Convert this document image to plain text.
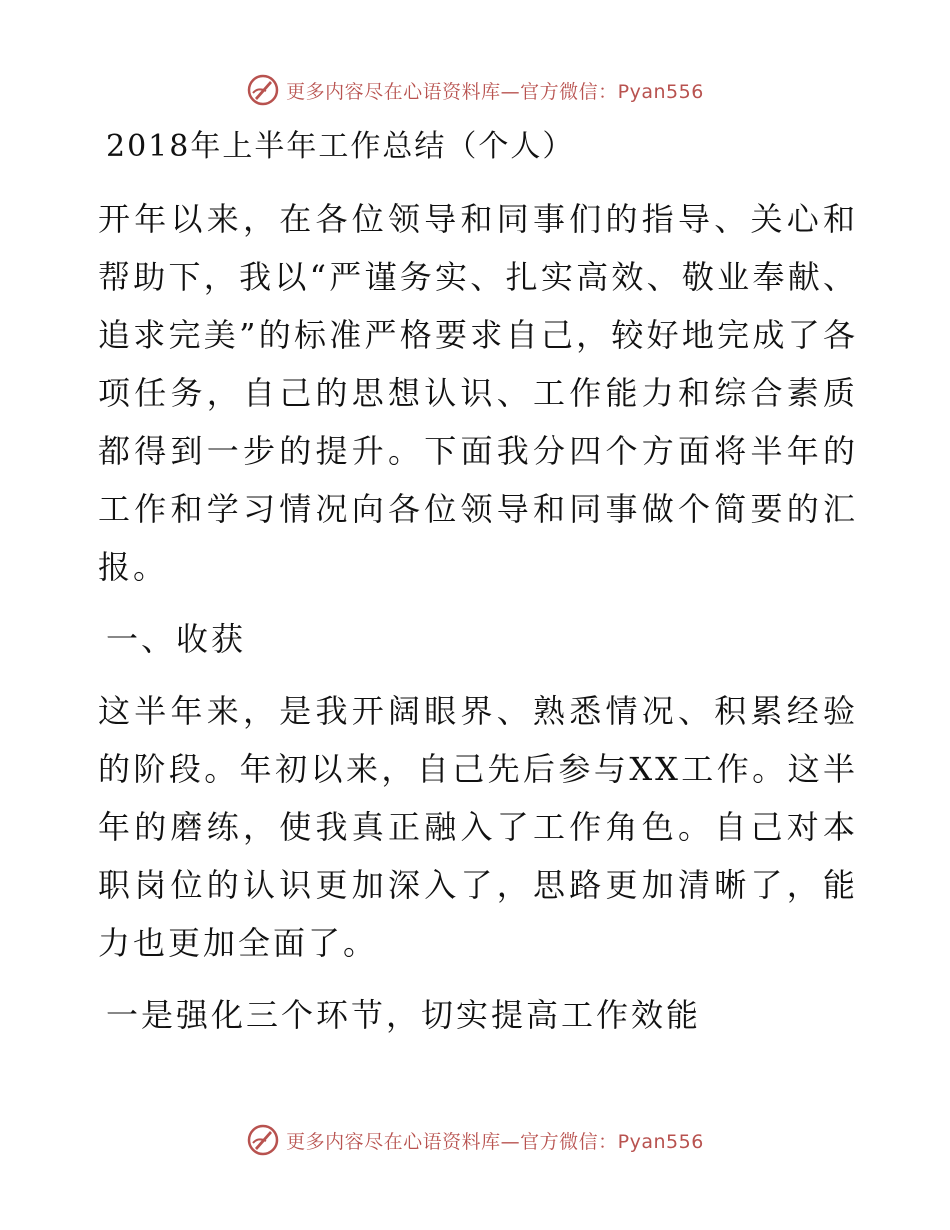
更多内容尽在心语资料库—官方微信：Pyan556
2018年上半年工作总结（个人）

开年以来，在各位领导和同事们的指导、关心和帮助下，我以“严谨务实、扎实高效、敬业奉献、追求完美”的标准严格要求自己，较好地完成了各项任务，自己的思想认识、工作能力和综合素质都得到一步的提升。下面我分四个方面将半年的工作和学习情况向各位领导和同事做个简要的汇报。

一、收获

这半年来，是我开阔眼界、熟悉情况、积累经验的阶段。年初以来，自己先后参与XX工作。这半年的磨练，使我真正融入了工作角色。自己对本职岗位的认识更加深入了，思路更加清晰了，能力也更加全面了。

一是强化三个环节，切实提高工作效能
更多内容尽在心语资料库—官方微信：Pyan556
